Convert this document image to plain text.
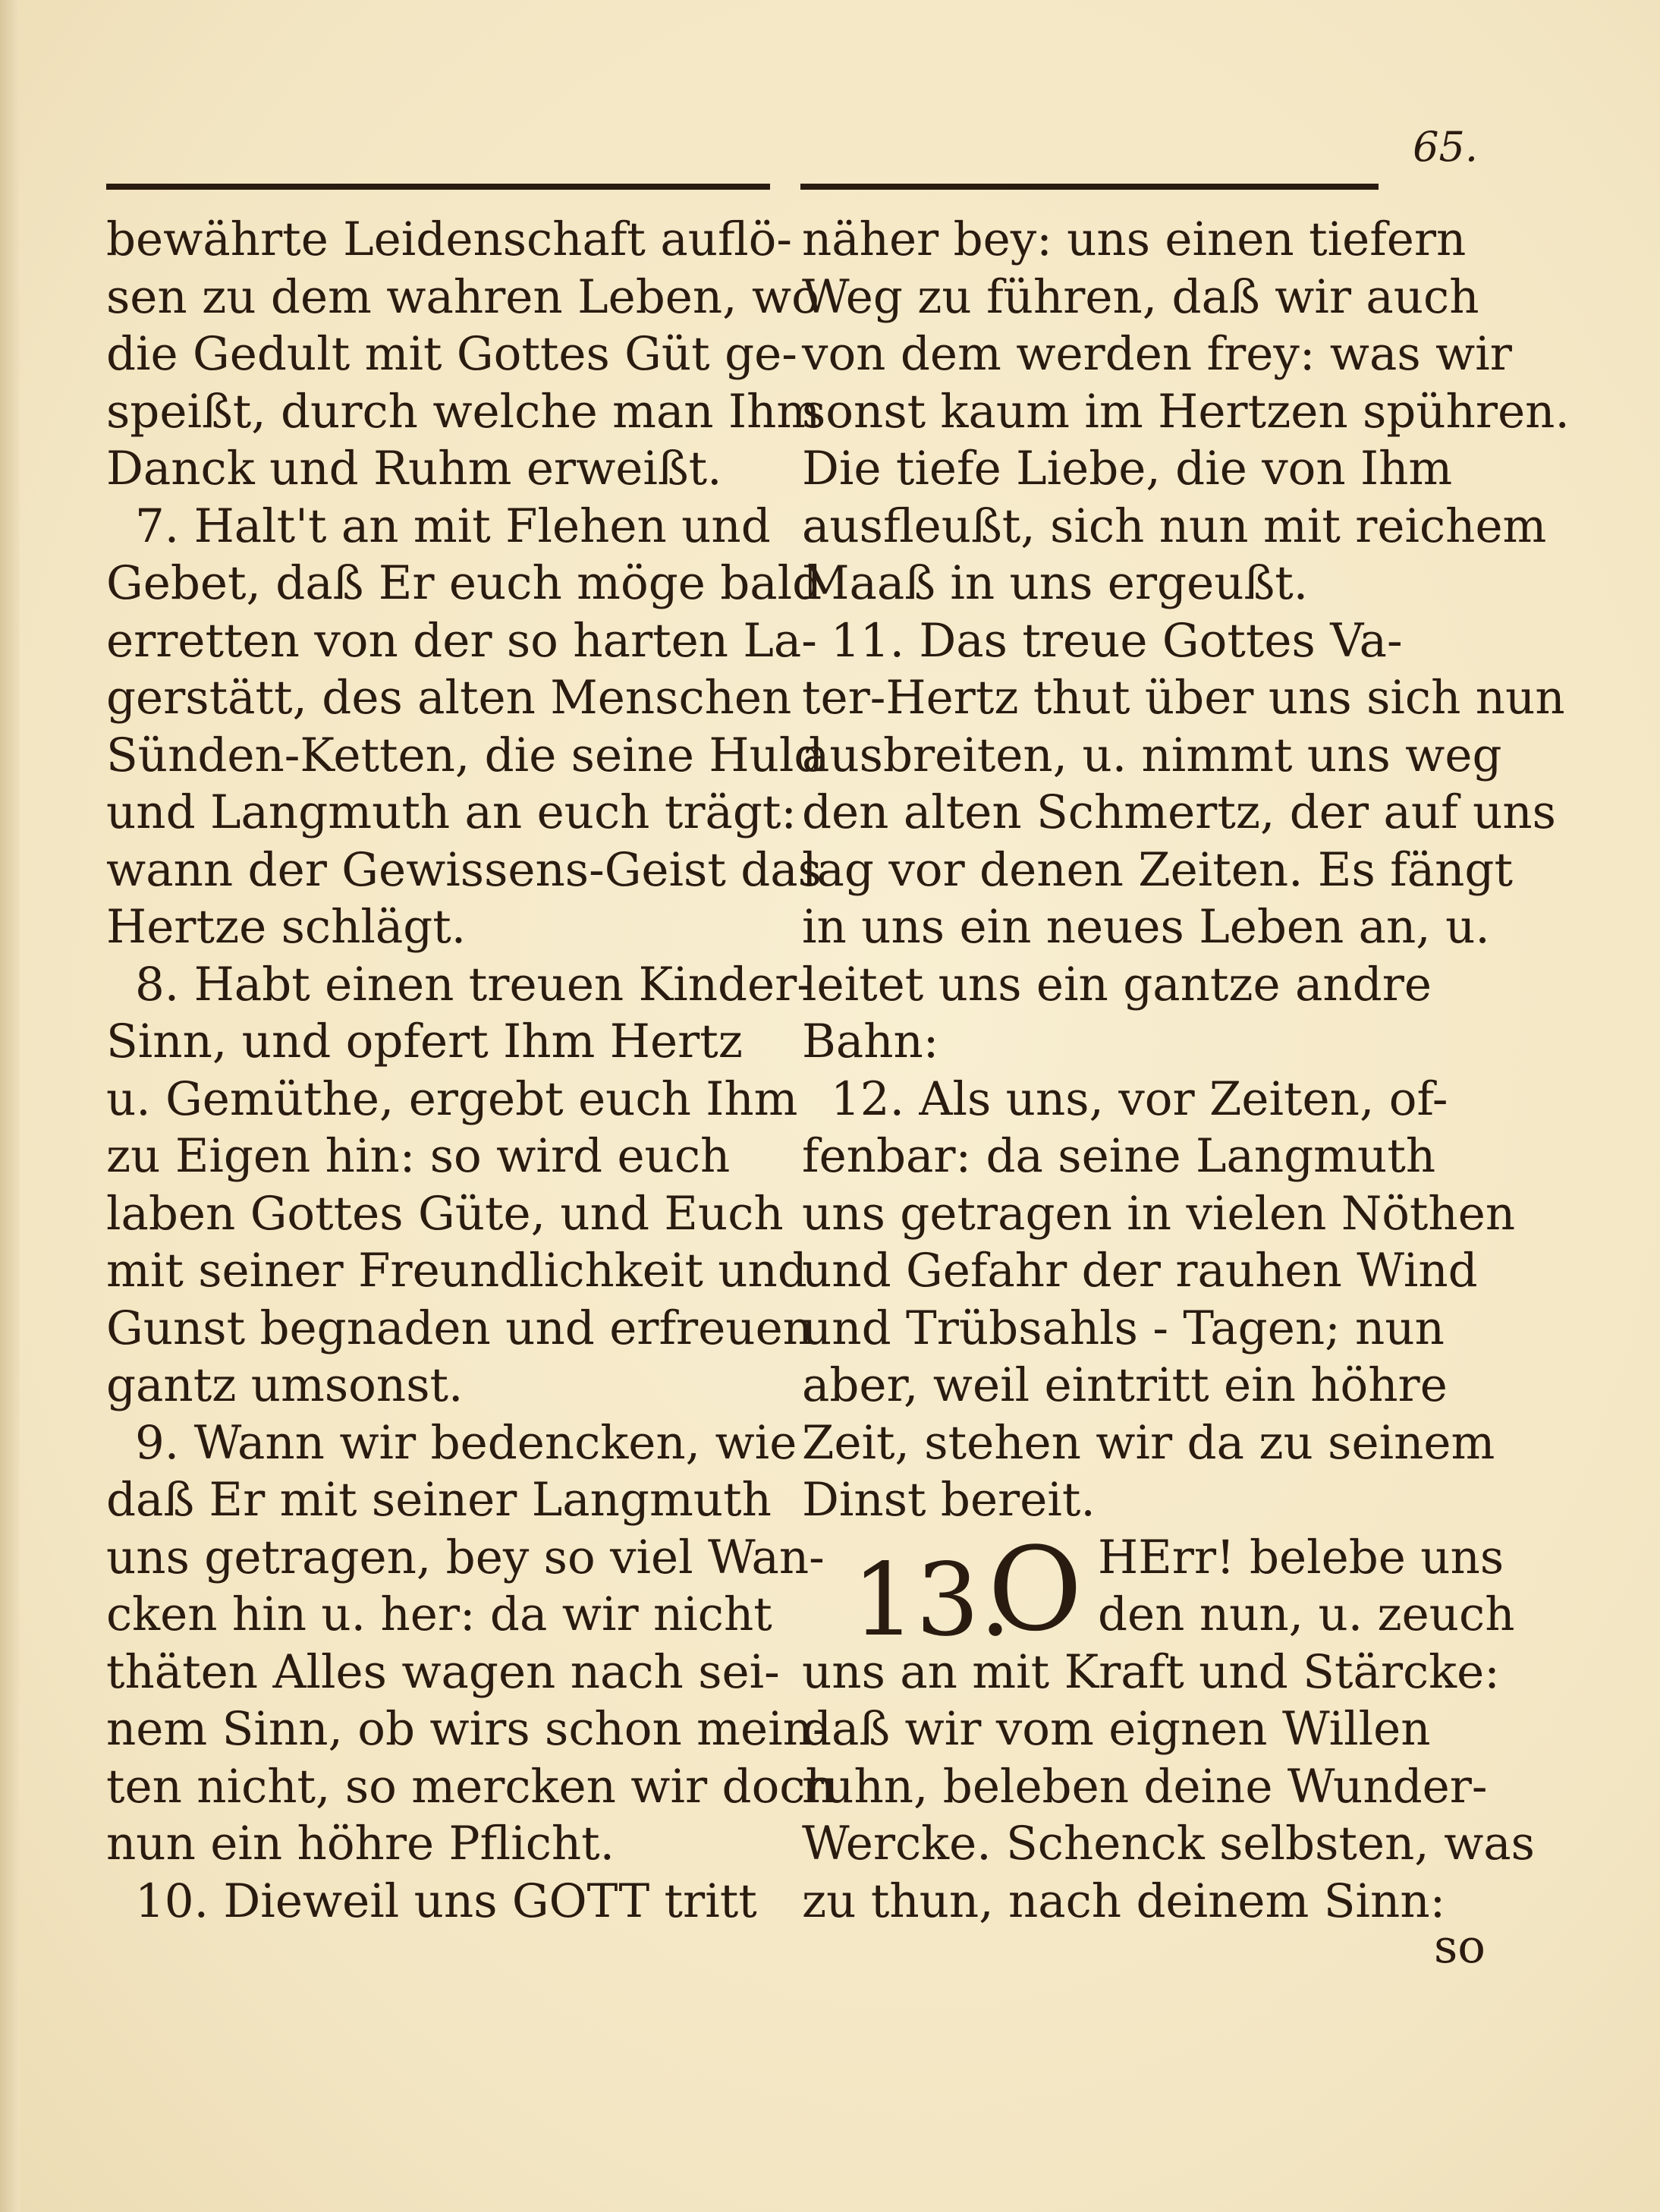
65.
bewährte Leidenschaft auflö-
sen zu dem wahren Leben, wo
die Gedult mit Gottes Güt ge-
speißt, durch welche man Ihm
Danck und Ruhm erweißt.
7. Halt't an mit Flehen und
Gebet, daß Er euch möge bald
erretten von der so harten La-
gerstätt, des alten Menschen
Sünden-Ketten, die seine Huld
und Langmuth an euch trägt:
wann der Gewissens-Geist das
Hertze schlägt.
8. Habt einen treuen Kinder-
Sinn, und opfert Ihm Hertz
u. Gemüthe, ergebt euch Ihm
zu Eigen hin: so wird euch
laben Gottes Güte, und Euch
mit seiner Freundlichkeit und
Gunst begnaden und erfreuen
gantz umsonst.
9. Wann wir bedencken, wie
daß Er mit seiner Langmuth
uns getragen, bey so viel Wan-
cken hin u. her: da wir nicht
thäten Alles wagen nach sei-
nem Sinn, ob wirs schon mein-
ten nicht, so mercken wir doch
nun ein höhre Pflicht.
10. Dieweil uns GOTT tritt
näher bey: uns einen tiefern
Weg zu führen, daß wir auch
von dem werden frey: was wir
sonst kaum im Hertzen spühren.
Die tiefe Liebe, die von Ihm
ausfleußt, sich nun mit reichem
Maaß in uns ergeußt.
11. Das treue Gottes Va-
ter-Hertz thut über uns sich nun
ausbreiten, u. nimmt uns weg
den alten Schmertz, der auf uns
lag vor denen Zeiten. Es fängt
in uns ein neues Leben an, u.
leitet uns ein gantze andre
Bahn:
12. Als uns, vor Zeiten, of-
fenbar: da seine Langmuth
uns getragen in vielen Nöthen
und Gefahr der rauhen Wind
und Trübsahls - Tagen; nun
aber, weil eintritt ein höhre
Zeit, stehen wir da zu seinem
Dinst bereit.
13.
O HErr! belebe uns
den nun, u. zeuch
uns an mit Kraft und Stärcke:
daß wir vom eignen Willen
ruhn, beleben deine Wunder-
Wercke. Schenck selbsten, was
zu thun, nach deinem Sinn:
so
